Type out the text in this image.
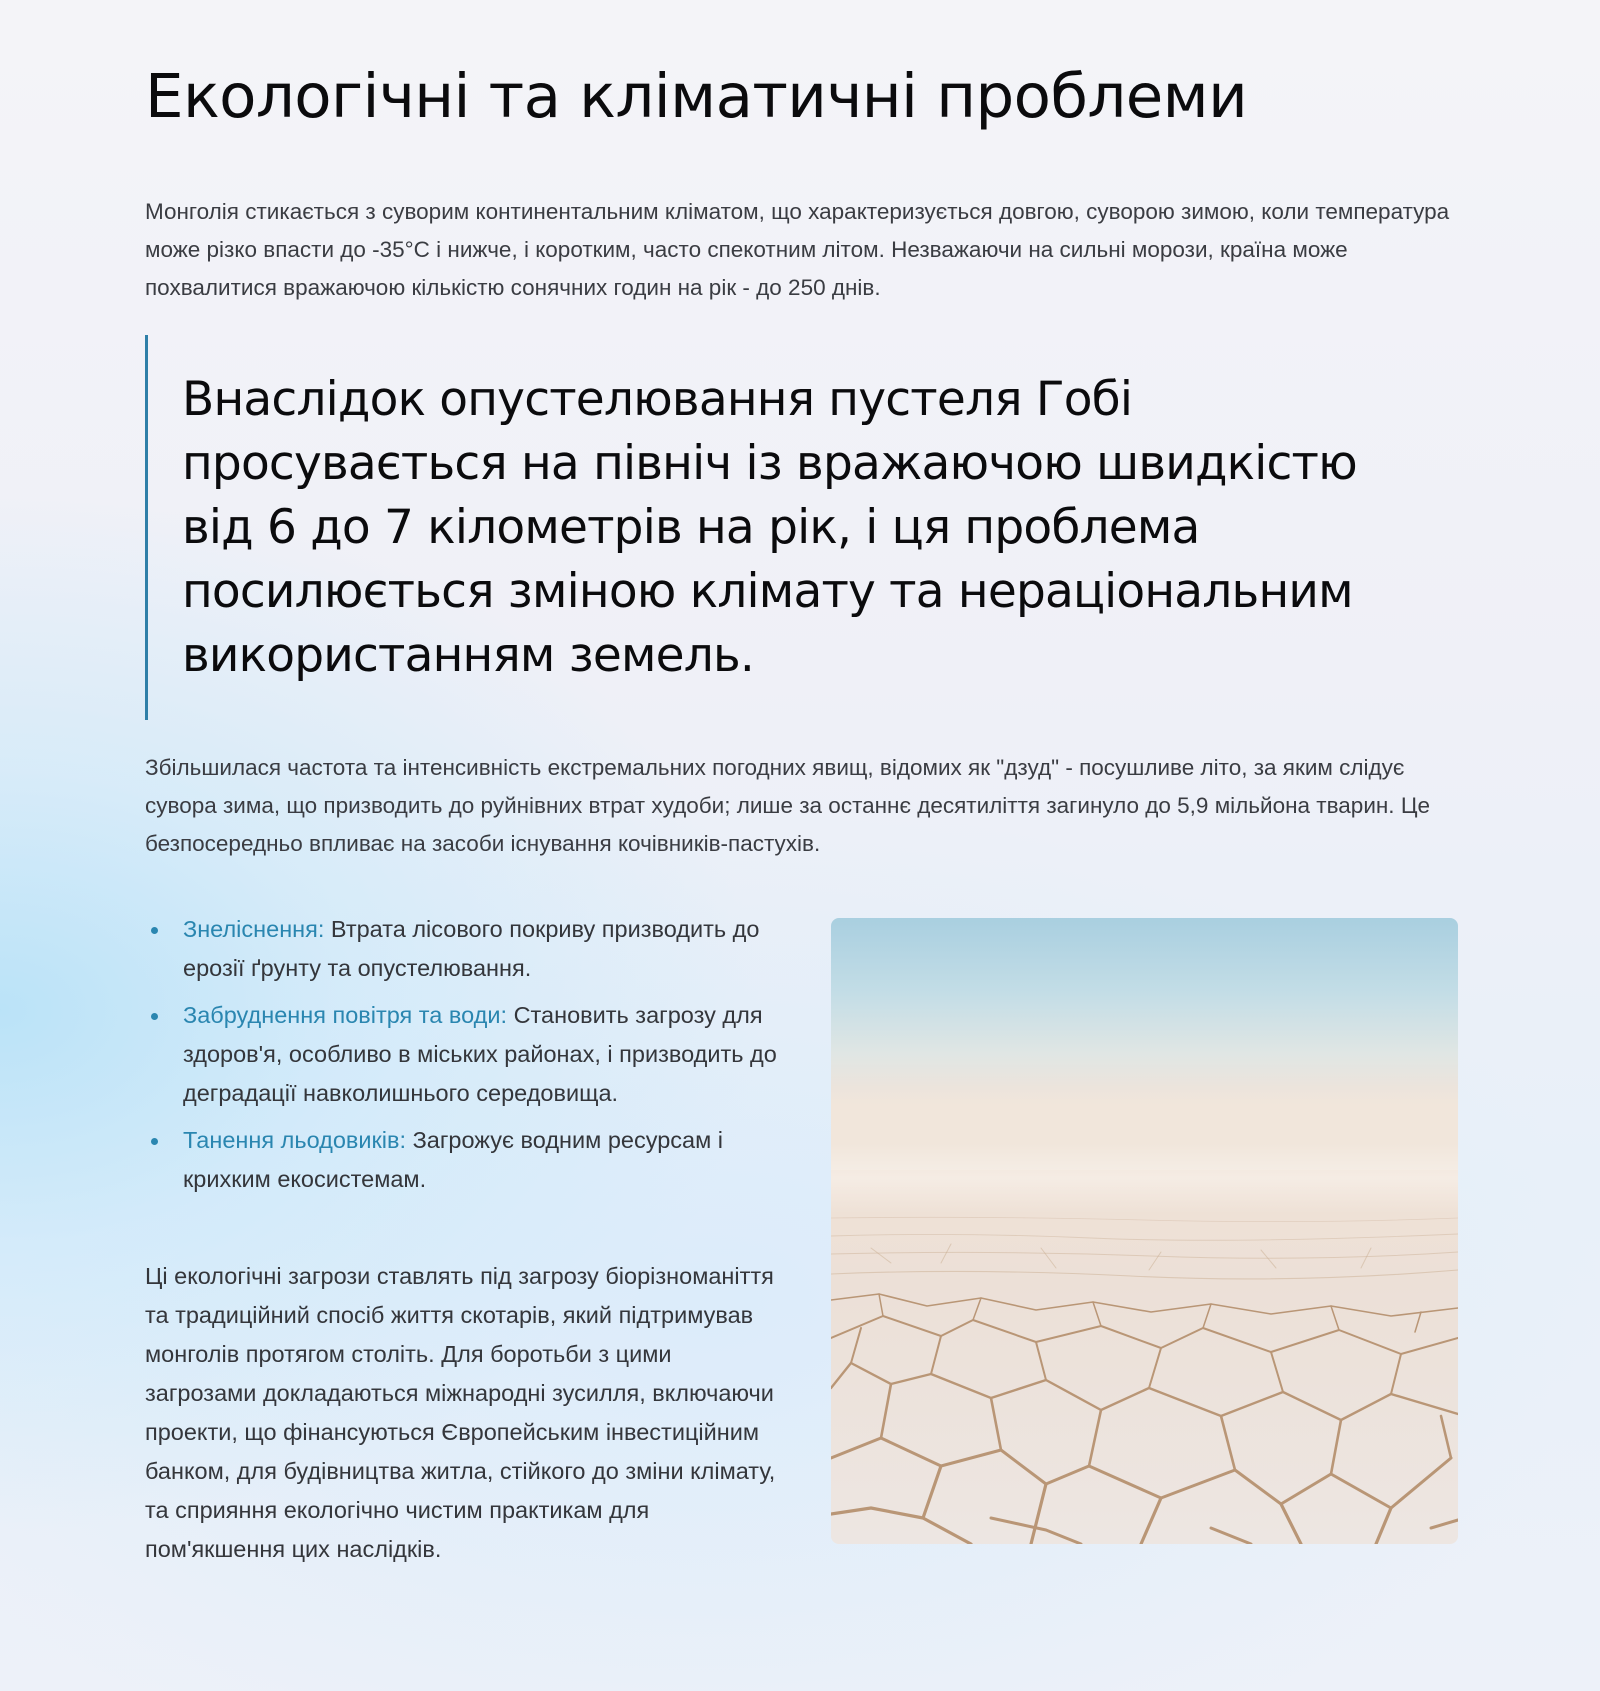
Екологічні та кліматичні проблеми

Монголія стикається з суворим континентальним кліматом, що характеризується довгою, суворою зимою, коли температура може різко впасти до -35°C і нижче, і коротким, часто спекотним літом. Незважаючи на сильні морози, країна може похвалитися вражаючою кількістю сонячних годин на рік - до 250 днів.

Внаслідок опустелювання пустеля Гобі просувається на північ із вражаючою швидкістю від 6 до 7 кілометрів на рік, і ця проблема посилюється зміною клімату та нераціональним використанням земель.

Збільшилася частота та інтенсивність екстремальних погодних явищ, відомих як "дзуд" - посушливе літо, за яким слідує сувора зима, що призводить до руйнівних втрат худоби; лише за останнє десятиліття загинуло до 5,9 мільйона тварин. Це безпосередньо впливає на засоби існування кочівників-пастухів.

Знеліснення: Втрата лісового покриву призводить до ерозії ґрунту та опустелювання.
Забруднення повітря та води: Становить загрозу для здоров'я, особливо в міських районах, і призводить до деградації навколишнього середовища.
Танення льодовиків: Загрожує водним ресурсам і крихким екосистемам.

Ці екологічні загрози ставлять під загрозу біорізноманіття та традиційний спосіб життя скотарів, який підтримував монголів протягом століть. Для боротьби з цими загрозами докладаються міжнародні зусилля, включаючи проекти, що фінансуються Європейським інвестиційним банком, для будівництва житла, стійкого до зміни клімату, та сприяння екологічно чистим практикам для пом'якшення цих наслідків.
